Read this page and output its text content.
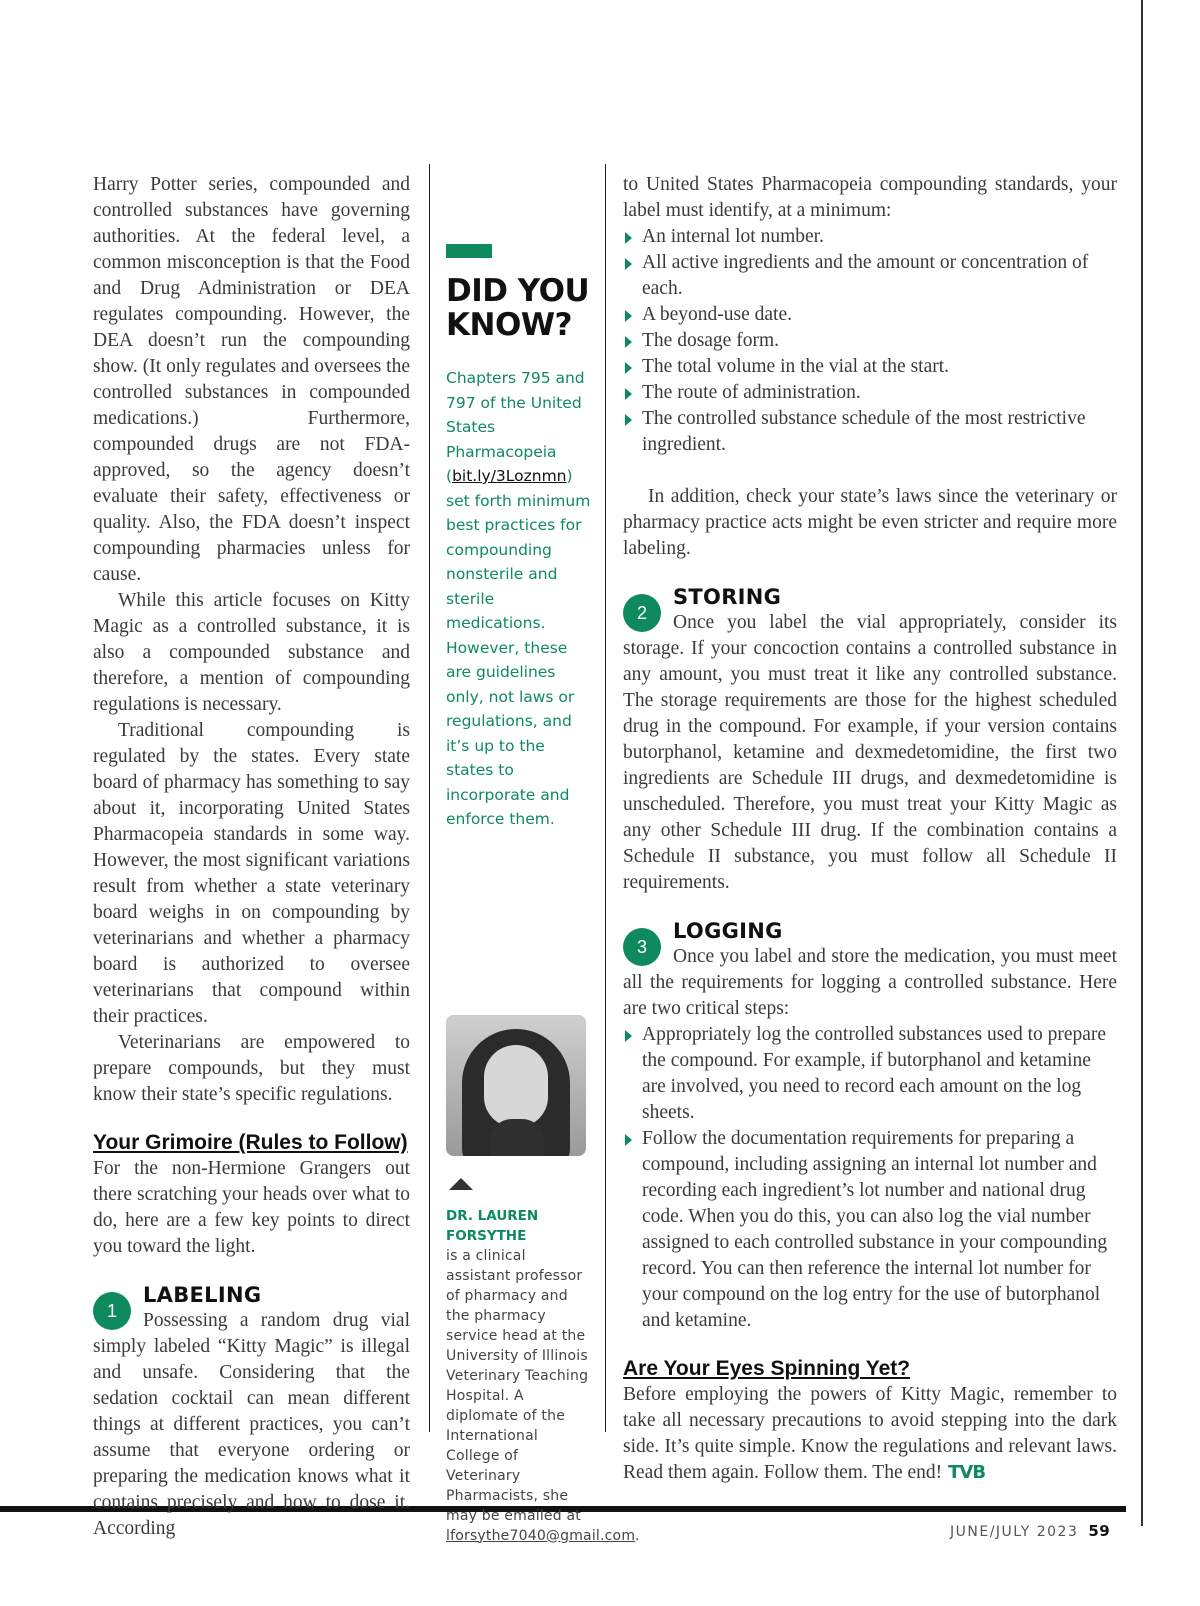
Harry Potter series, compounded and controlled substances have governing authorities. At the federal level, a common misconception is that the Food and Drug Administration or DEA regulates compounding. However, the DEA doesn’t run the compounding show. (It only regulates and oversees the controlled substances in compounded medications.) Furthermore, compounded drugs are not FDA-approved, so the agency doesn’t evaluate their safety, effectiveness or quality. Also, the FDA doesn’t inspect compounding pharmacies unless for cause.

While this article focuses on Kitty Magic as a controlled substance, it is also a compounded substance and therefore, a mention of compounding regulations is necessary.

Traditional compounding is regulated by the states. Every state board of pharmacy has something to say about it, incorporating United States Pharmacopeia standards in some way. However, the most significant variations result from whether a state veterinary board weighs in on compounding by veterinarians and whether a pharmacy board is authorized to oversee veterinarians that compound within their practices.

Veterinarians are empowered to prepare compounds, but they must know their state’s specific regulations.

Your Grimoire (Rules to Follow)

For the non-Hermione Grangers out there scratching your heads over what to do, here are a few key points to direct you toward the light.

1

LABELING

Possessing a random drug vial simply labeled “Kitty Magic” is illegal and unsafe. Considering that the sedation cocktail can mean different things at different practices, you can’t assume that everyone ordering or preparing the medication knows what it contains precisely and how to dose it. According

DID YOU
KNOW?

Chapters 795 and 797 of the United States Pharmacopeia (bit.ly/3Loznmn) set forth minimum best practices for compounding nonsterile and sterile medications. However, these are guidelines only, not laws or regulations, and it’s up to the states to incorporate and enforce them.
DR. LAUREN FORSYTHE
is a clinical assistant professor of pharmacy and the pharmacy service head at the University of Illinois Veterinary Teaching Hospital. A diplomate of the International College of Veterinary Pharmacists, she may be emailed at lforsythe7040@gmail.com.

to United States Pharmacopeia compounding standards, your label must identify, at a minimum:

An internal lot number.
All active ingredients and the amount or concentration of each.
A beyond-use date.
The dosage form.
The total volume in the vial at the start.
The route of administration.
The controlled substance schedule of the most restrictive ingredient.

In addition, check your state’s laws since the veterinary or pharmacy practice acts might be even stricter and require more labeling.

2

STORING

Once you label the vial appropriately, consider its storage. If your concoction contains a controlled substance in any amount, you must treat it like any controlled substance. The storage requirements are those for the highest scheduled drug in the compound. For example, if your version contains butorphanol, ketamine and dexmedetomidine, the first two ingredients are Schedule III drugs, and dexmedetomidine is unscheduled. Therefore, you must treat your Kitty Magic as any other Schedule III drug. If the combination contains a Schedule II substance, you must follow all Schedule II requirements.

3

LOGGING

Once you label and store the medication, you must meet all the requirements for logging a controlled substance. Here are two critical steps:

Appropriately log the controlled substances used to prepare the compound. For example, if butorphanol and ketamine are involved, you need to record each amount on the log sheets.
Follow the documentation requirements for preparing a compound, including assigning an internal lot number and recording each ingredient’s lot number and national drug code. When you do this, you can also log the vial number assigned to each controlled substance in your compounding record. You can then reference the internal lot number for your compound on the log entry for the use of butorphanol and ketamine.

Are Your Eyes Spinning Yet?

Before employing the powers of Kitty Magic, remember to take all necessary precautions to avoid stepping into the dark side. It’s quite simple. Know the regulations and relevant laws. Read them again. Follow them. The end! TVB

JUNE/JULY 2023 59
